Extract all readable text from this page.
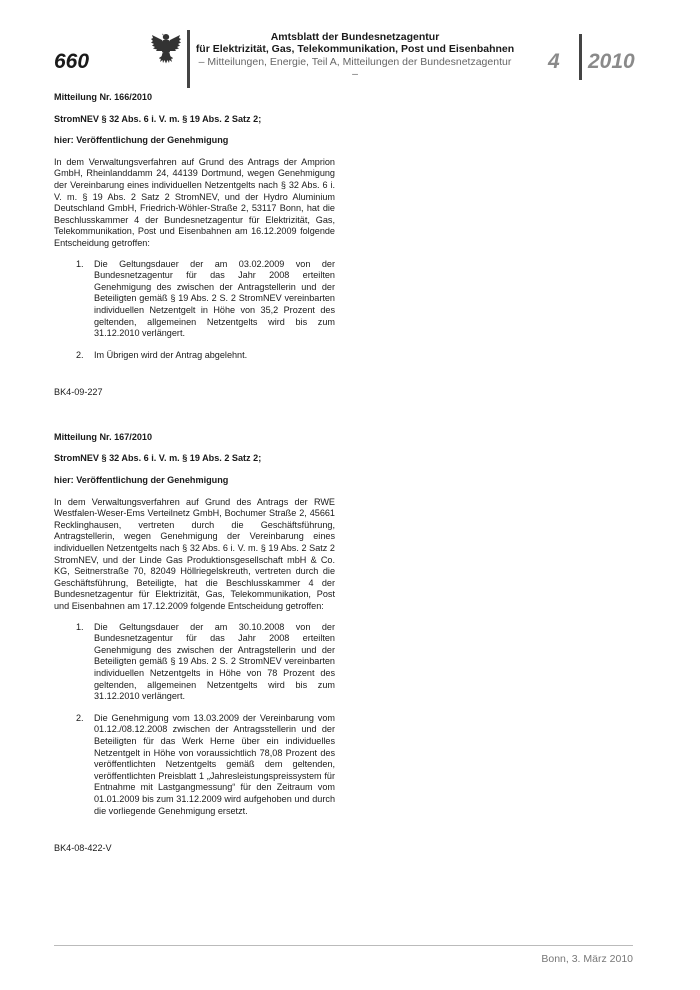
660
Amtsblatt der Bundesnetzagentur
für Elektrizität, Gas, Telekommunikation, Post und Eisenbahnen
– Mitteilungen, Energie, Teil A, Mitteilungen der Bundesnetzagentur –
4 2010

Mitteilung Nr. 166/2010

StromNEV § 32 Abs. 6 i. V. m. § 19 Abs. 2 Satz 2;

hier: Veröffentlichung der Genehmigung

In dem Verwaltungsverfahren auf Grund des Antrags der Amprion GmbH, Rheinlanddamm 24, 44139 Dortmund, wegen Genehmigung der Vereinbarung eines individuellen Netzentgelts nach § 32 Abs. 6 i. V. m. § 19 Abs. 2 Satz 2 StromNEV, und der Hydro Aluminium Deutschland GmbH, Friedrich-Wöhler-Straße 2, 53117 Bonn, hat die Beschlusskammer 4 der Bundesnetzagentur für Elektrizität, Gas, Telekommunikation, Post und Eisenbahnen am 16.12.2009 folgende Entscheidung getroffen:

1. Die Geltungsdauer der am 03.02.2009 von der Bundesnetzagentur für das Jahr 2008 erteilten Genehmigung des zwischen der Antragstellerin und der Beteiligten gemäß § 19 Abs. 2 S. 2 StromNEV vereinbarten individuellen Netzentgelt in Höhe von 35,2 Prozent des geltenden, allgemeinen Netzentgelts wird bis zum 31.12.2010 verlängert.
2. Im Übrigen wird der Antrag abgelehnt.

BK4-09-227

Mitteilung Nr. 167/2010

StromNEV § 32 Abs. 6 i. V. m. § 19 Abs. 2 Satz 2;

hier: Veröffentlichung der Genehmigung

In dem Verwaltungsverfahren auf Grund des Antrags der RWE Westfalen-Weser-Ems Verteilnetz GmbH, Bochumer Straße 2, 45661 Recklinghausen, vertreten durch die Geschäftsführung, Antragstellerin, wegen Genehmigung der Vereinbarung eines individuellen Netzentgelts nach § 32 Abs. 6 i. V. m. § 19 Abs. 2 Satz 2 StromNEV, und der Linde Gas Produktionsgesellschaft mbH & Co. KG, Seitnerstraße 70, 82049 Höllriegelskreuth, vertreten durch die Geschäftsführung, Beteiligte, hat die Beschlusskammer 4 der Bundesnetzagentur für Elektrizität, Gas, Telekommunikation, Post und Eisenbahnen am 17.12.2009 folgende Entscheidung getroffen:

1. Die Geltungsdauer der am 30.10.2008 von der Bundesnetzagentur für das Jahr 2008 erteilten Genehmigung des zwischen der Antragstellerin und der Beteiligten gemäß § 19 Abs. 2 S. 2 StromNEV vereinbarten individuellen Netzentgelts in Höhe von 78 Prozent des geltenden, allgemeinen Netzentgelts wird bis zum 31.12.2010 verlängert.
2. Die Genehmigung vom 13.03.2009 der Vereinbarung vom 01.12./08.12.2008 zwischen der Antragsstellerin und der Beteiligten für das Werk Herne über ein individuelles Netzentgelt in Höhe von voraussichtlich 78,08 Prozent des veröffentlichten Netzentgelts gemäß dem geltenden, veröffentlichten Preisblatt 1 „Jahresleistungspreissystem für Entnahme mit Lastgangmessung“ für den Zeitraum vom 01.01.2009 bis zum 31.12.2009 wird aufgehoben und durch die vorliegende Genehmigung ersetzt.

BK4-08-422-V

Bonn, 3. März 2010
